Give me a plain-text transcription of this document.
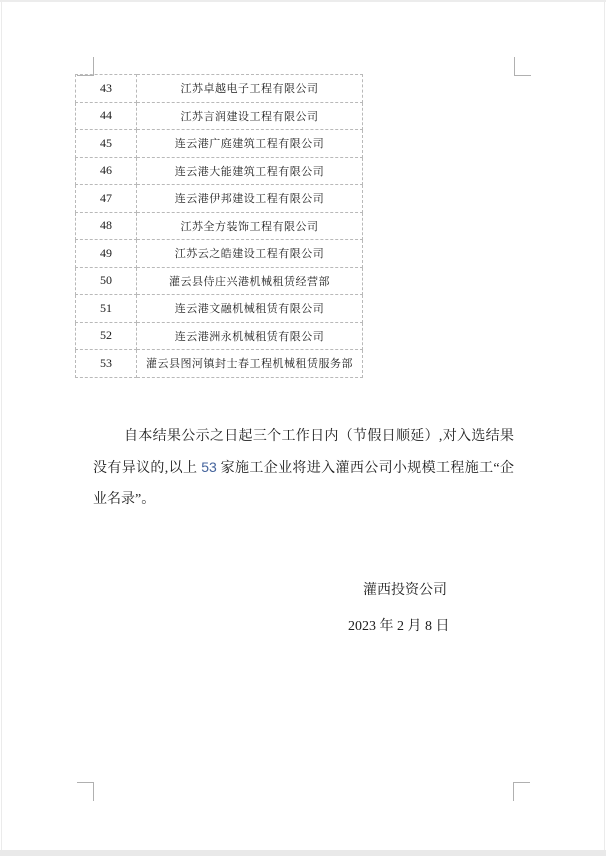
43	江苏卓越电子工程有限公司
44	江苏言润建设工程有限公司
45	连云港广庭建筑工程有限公司
46	连云港大能建筑工程有限公司
47	连云港伊邦建设工程有限公司
48	江苏全方装饰工程有限公司
49	江苏云之皓建设工程有限公司
50	灌云县侍庄兴港机械租赁经营部
51	连云港文融机械租赁有限公司
52	连云港洲永机械租赁有限公司
53	灌云县图河镇封士春工程机械租赁服务部

自本结果公示之日起三个工作日内（节假日顺延）,对入选结果没有异议的,以上 53 家施工企业将进入灌西公司小规模工程施工“企业名录”。

灌西投资公司
2023 年 2 月 8 日
